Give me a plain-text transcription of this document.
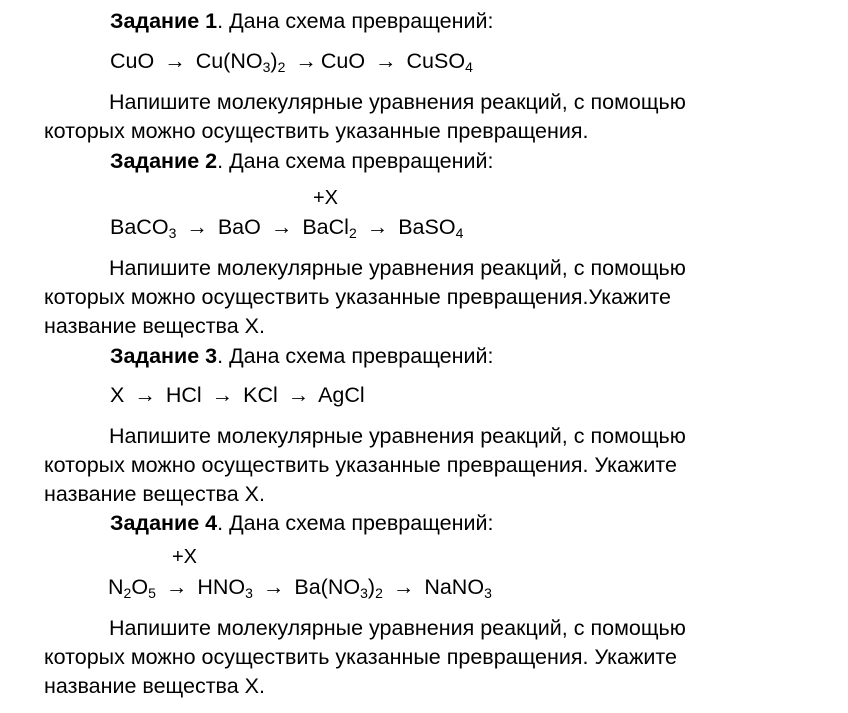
Задание 1. Дана схема превращений:
CuO → $Cu(NO_3)_2$ → CuO → CuSO$_4$
Напишите молекулярные уравнения реакций, с помощью
которых можно осуществить указанные превращения.
Задание 2. Дана схема превращений:
+X
BaCO$_3$ → BaO → BaCl$_2$ → BaSO$_4$
Напишите молекулярные уравнения реакций, с помощью
которых можно осуществить указанные превращения.Укажите
название вещества Х.
Задание 3. Дана схема превращений:
X → HCl → KCl → AgCl
Напишите молекулярные уравнения реакций, с помощью
которых можно осуществить указанные превращения. Укажите
название вещества Х.
Задание 4. Дана схема превращений:
+X
$N_2O_5 \to HNO_3 \to Ba(NO_3)_2$ → NaNO$_3$
Напишите молекулярные уравнения реакций, с помощью
которых можно осуществить указанные превращения. Укажите
название вещества Х.
